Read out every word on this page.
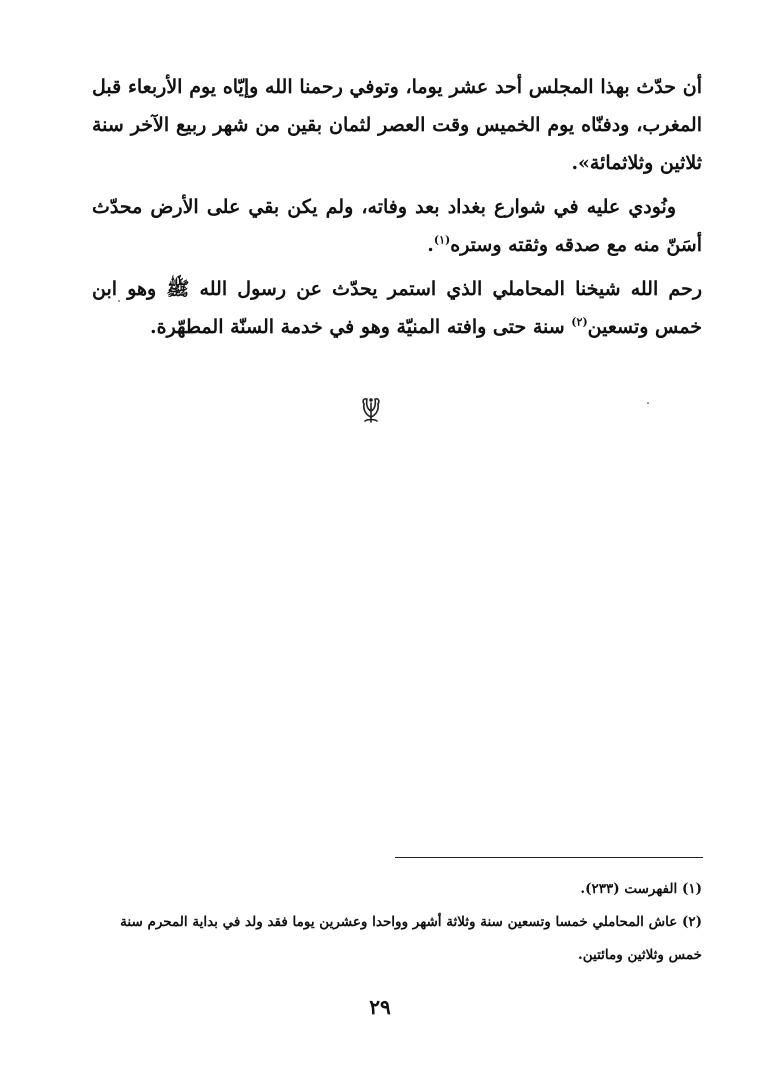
أن حدّث بهذا المجلس أحد عشر يوما، وتوفي رحمنا الله وإيّاه يوم الأربعاء قبل المغرب، ودفنّاه يوم الخميس وقت العصر لثمان بقين من شهر ربيع الآخر سنة ثلاثين وثلاثمائة».

ونُودي عليه في شوارع بغداد بعد وفاته، ولم يكن بقي على الأرض محدّث أسَنّ منه مع صدقه وثقته وستره$^{(١)}$.

رحم الله شيخنا المحاملي الذي استمر يحدّث عن رسول الله ﷺ وهو ابن خمس وتسعين$^{(٢)}$ سنة حتى وافته المنيّة وهو في خدمة السنّة المطهّرة.

(١) الفهرست (٢٣٣).

(٢) عاش المحاملي خمسا وتسعين سنة وثلاثة أشهر وواحدا وعشرين يوما فقد ولد في بداية المحرم سنة خمس وثلاثين ومائتين.

٢٩
